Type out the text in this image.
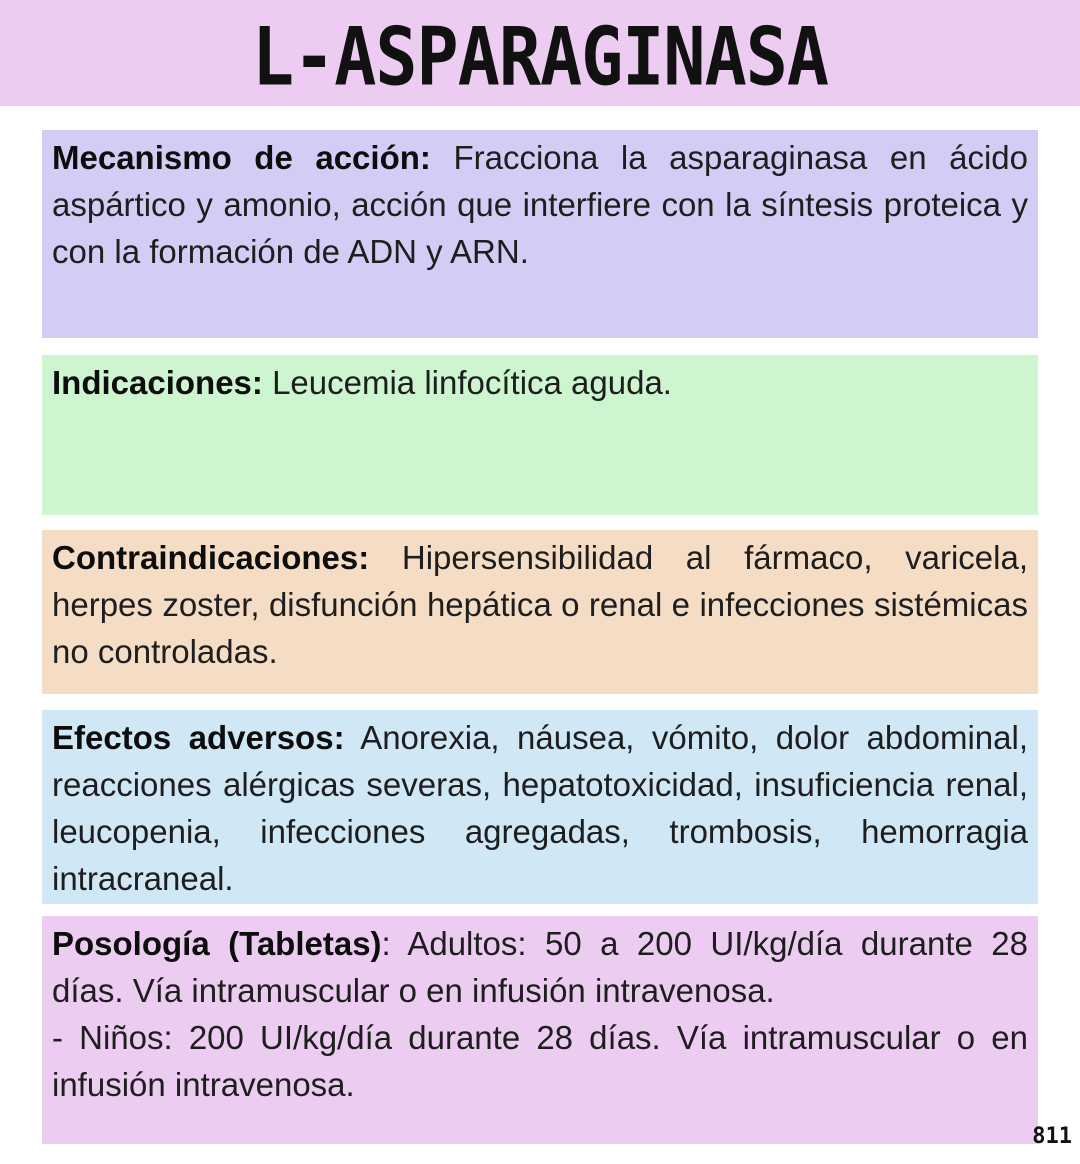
L-ASPARAGINASA

Mecanismo de acción: Fracciona la asparaginasa en ácido aspártico y amonio, acción que interfiere con la síntesis proteica y con la formación de ADN y ARN.

Indicaciones: Leucemia linfocítica aguda.

Contraindicaciones: Hipersensibilidad al fármaco, varicela, herpes zoster, disfunción hepática o renal e infecciones sistémicas no controladas.

Efectos adversos: Anorexia, náusea, vómito, dolor abdominal, reacciones alérgicas severas, hepatotoxicidad, insuficiencia renal, leucopenia, infecciones agregadas, trombosis, hemorragia intracraneal.

Posología (Tabletas): Adultos: 50 a 200 UI/kg/día durante 28 días. Vía intramuscular o en infusión intravenosa.

- Niños: 200 UI/kg/día durante 28 días. Vía intramuscular o en infusión intravenosa.

811
